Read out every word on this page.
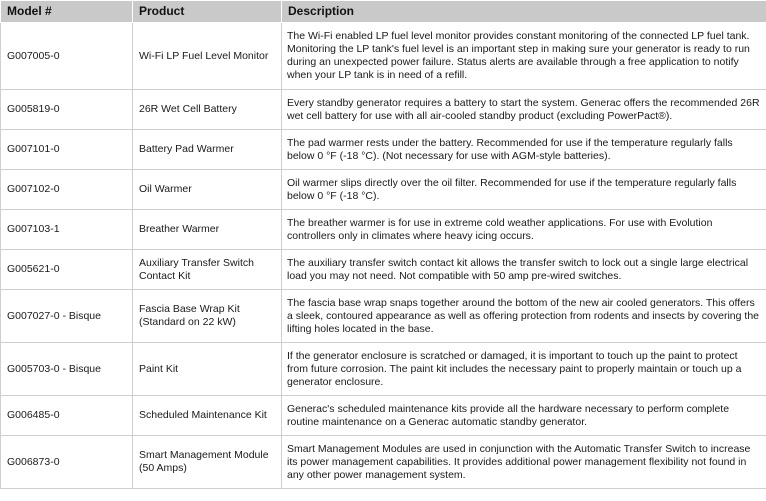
Model #	Product	Description
G007005-0	Wi-Fi LP Fuel Level Monitor	The Wi-Fi enabled LP fuel level monitor provides constant monitoring of the connected LP fuel tank. Monitoring the LP tank's fuel level is an important step in making sure your generator is ready to run during an unexpected power failure. Status alerts are available through a free application to notify when your LP tank is in need of a refill.
G005819-0	26R Wet Cell Battery	Every standby generator requires a battery to start the system. Generac offers the recommended 26R wet cell battery for use with all air-cooled standby product (excluding PowerPact®).
G007101-0	Battery Pad Warmer	The pad warmer rests under the battery. Recommended for use if the temperature regularly falls below 0 °F (-18 °C). (Not necessary for use with AGM-style batteries).
G007102-0	Oil Warmer	Oil warmer slips directly over the oil filter. Recommended for use if the temperature regularly falls below 0 °F (-18 °C).
G007103-1	Breather Warmer	The breather warmer is for use in extreme cold weather applications. For use with Evolution controllers only in climates where heavy icing occurs.
G005621-0	Auxiliary Transfer Switch Contact Kit	The auxiliary transfer switch contact kit allows the transfer switch to lock out a single large electrical load you may not need. Not compatible with 50 amp pre-wired switches.
G007027-0 - Bisque	Fascia Base Wrap Kit (Standard on 22 kW)	The fascia base wrap snaps together around the bottom of the new air cooled generators. This offers a sleek, contoured appearance as well as offering protection from rodents and insects by covering the lifting holes located in the base.
G005703-0 - Bisque	Paint Kit	If the generator enclosure is scratched or damaged, it is important to touch up the paint to protect from future corrosion. The paint kit includes the necessary paint to properly maintain or touch up a generator enclosure.
G006485-0	Scheduled Maintenance Kit	Generac's scheduled maintenance kits provide all the hardware necessary to perform complete routine maintenance on a Generac automatic standby generator.
G006873-0	Smart Management Module (50 Amps)	Smart Management Modules are used in conjunction with the Automatic Transfer Switch to increase its power management capabilities. It provides additional power management flexibility not found in any other power management system.
